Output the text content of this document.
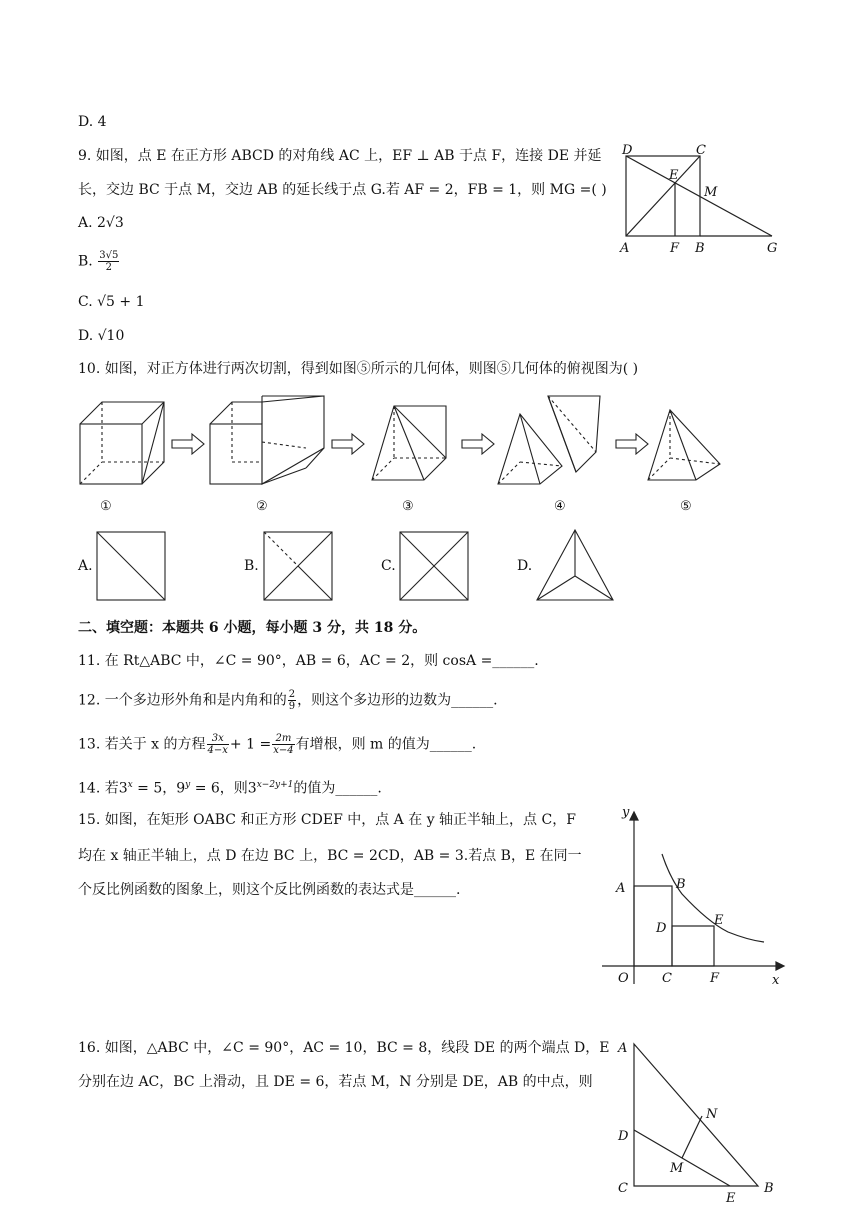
D. 4
9. 如图，点 E 在正方形 ABCD 的对角线 AC 上，EF ⊥ AB 于点 F，连接 DE 并延
长，交边 BC 于点 M，交边 AB 的延长线于点 G.若 AF = 2，FB = 1，则 MG =( )
A. 2√3
B. $\frac{3√5}{2}$
C. √5 + 1
D. √10
D	C
E
M
A	F B	G
10. 如图，对正方体进行两次切割，得到如图⑤所示的几何体，则图⑤几何体的俯视图为( )
①	②	③	④	⑤
A.	B.	C.	D.
二、填空题：本题共 6 小题，每小题 3 分，共 18 分。
11. 在 Rt△ABC 中，∠C = 90°，AB = 6，AC = 2，则 cosA =______.
12. 一个多边形外角和是内角和的 $\frac{2}{9}$ ，则这个多边形的边数为______.
13. 若关于 x 的方程 $\frac{3x}{4-x} + 1 = \frac{2m}{x-4}$ 有增根，则 m 的值为______.
14. 若$3^x = 5$，$9^y = 6$，则$3^{x-2y+1}$的值为______.
15. 如图，在矩形 OABC 和正方形 CDEF 中，点 A 在 y 轴正半轴上，点 C，F
均在 x 轴正半轴上，点 D 在边 BC 上，BC = 2CD，AB = 3.若点 B，E 在同一
个反比例函数的图象上，则这个反比例函数的表达式是______.
y
x
O
A	B
C
D
E
F
16. 如图，△ABC 中，∠C = 90°，AC = 10，BC = 8，线段 DE 的两个端点 D，E
分别在边 AC，BC 上滑动，且 DE = 6，若点 M，N 分别是 DE，AB 的中点，则
A
D
N
M
C
E
B
